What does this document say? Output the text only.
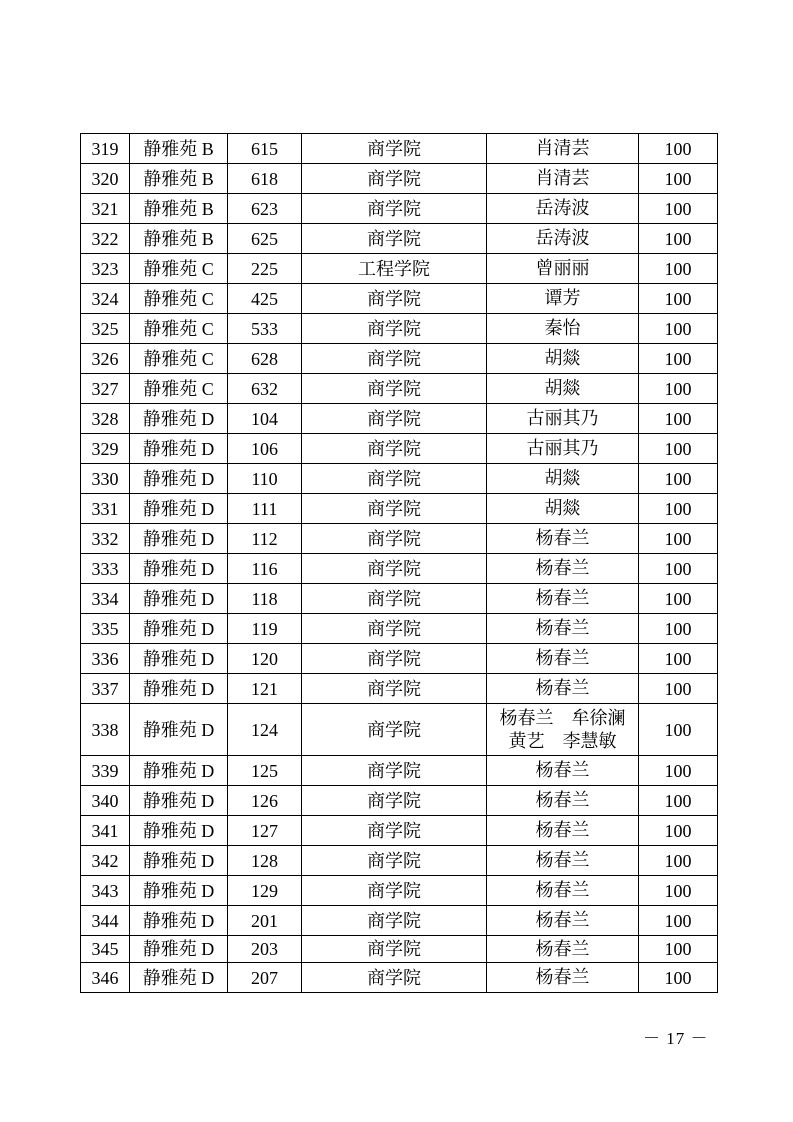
319	静雅苑 B	615	商学院	肖清芸	100
320	静雅苑 B	618	商学院	肖清芸	100
321	静雅苑 B	623	商学院	岳涛波	100
322	静雅苑 B	625	商学院	岳涛波	100
323	静雅苑 C	225	工程学院	曾丽丽	100
324	静雅苑 C	425	商学院	谭芳	100
325	静雅苑 C	533	商学院	秦怡	100
326	静雅苑 C	628	商学院	胡燚	100
327	静雅苑 C	632	商学院	胡燚	100
328	静雅苑 D	104	商学院	古丽其乃	100
329	静雅苑 D	106	商学院	古丽其乃	100
330	静雅苑 D	110	商学院	胡燚	100
331	静雅苑 D	111	商学院	胡燚	100
332	静雅苑 D	112	商学院	杨春兰	100
333	静雅苑 D	116	商学院	杨春兰	100
334	静雅苑 D	118	商学院	杨春兰	100
335	静雅苑 D	119	商学院	杨春兰	100
336	静雅苑 D	120	商学院	杨春兰	100
337	静雅苑 D	121	商学院	杨春兰	100
338	静雅苑 D	124	商学院	杨春兰　牟徐澜
黄艺　李慧敏	100
339	静雅苑 D	125	商学院	杨春兰	100
340	静雅苑 D	126	商学院	杨春兰	100
341	静雅苑 D	127	商学院	杨春兰	100
342	静雅苑 D	128	商学院	杨春兰	100
343	静雅苑 D	129	商学院	杨春兰	100
344	静雅苑 D	201	商学院	杨春兰	100
345	静雅苑 D	203	商学院	杨春兰	100
346	静雅苑 D	207	商学院	杨春兰	100
－ 17 －
